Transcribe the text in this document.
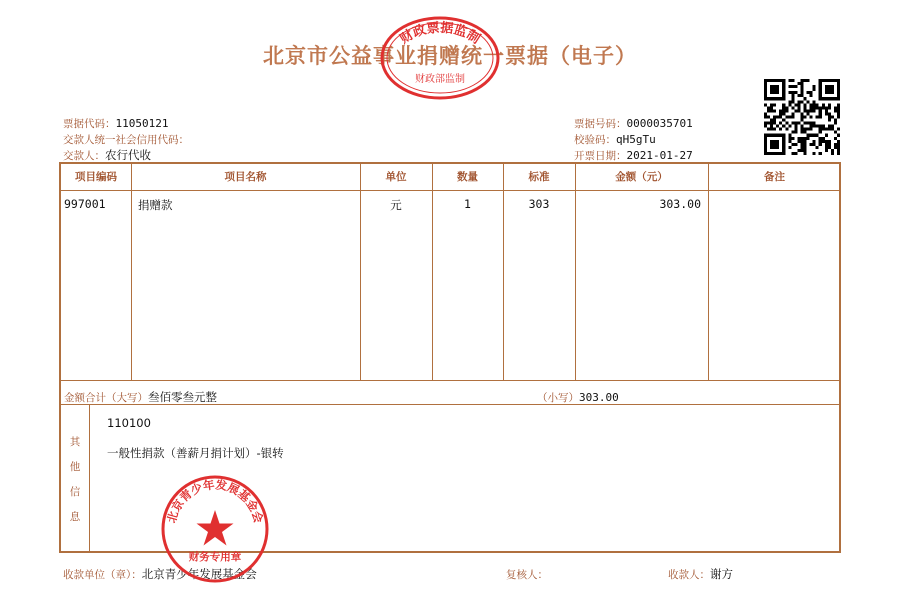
北京市公益事业捐赠统一票据（电子）
财政票据监制
财政部监制
票据代码：11050121
交款人统一社会信用代码：
交款人：农行代收
票据号码：0000035701
校验码：qH5gTu
开票日期：2021-01-27
项目编码	项目名称	单位	数量	标准	金额（元）	备注
997001	捐赠款	元	1	303	303.00
金额合计（大写）叁佰零叁元整	（小写）303.00
其
他
信
息
110100
一般性捐款（善薪月捐计划）-银转
收款单位（章）：北京青少年发展基金会	复核人：	收款人：谢方
北京青少年发展基金会
财务专用章
